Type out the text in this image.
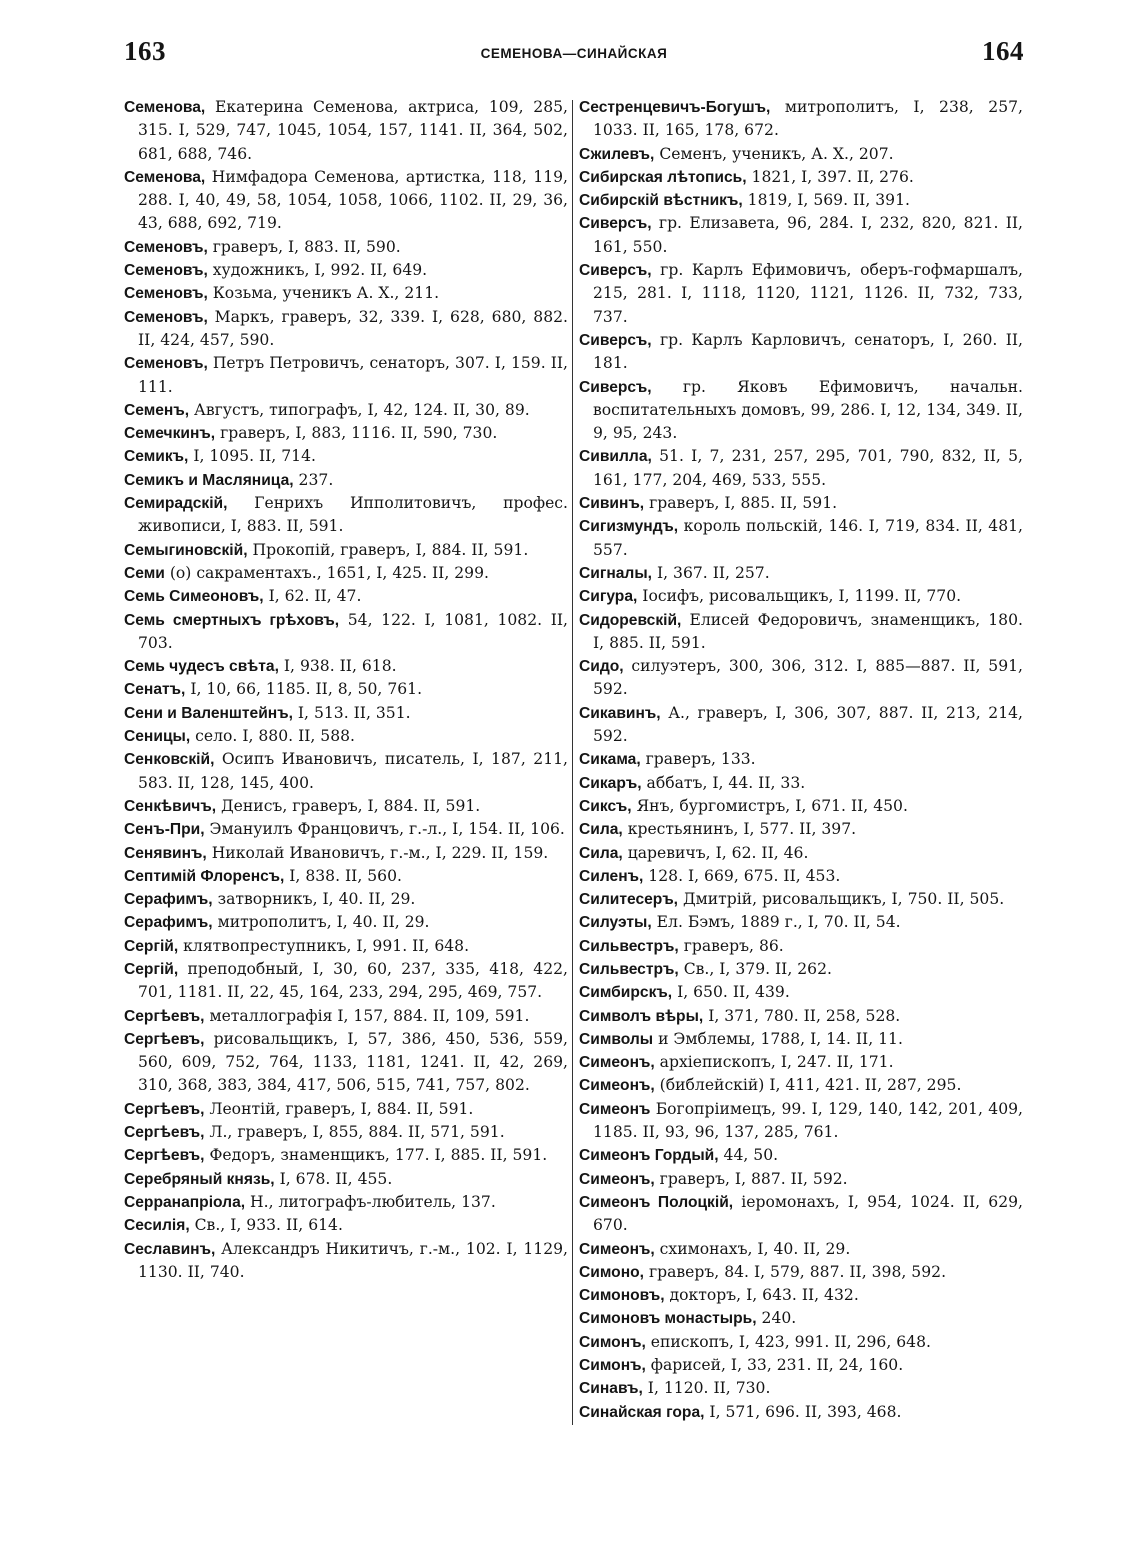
163	СЕМЕНОВА—СИНАЙСКАЯ	164

Семенова, Екатерина Семенова, актриса, 109, 285, 315. I, 529, 747, 1045, 1054, 157, 1141. II, 364, 502, 681, 688, 746.

Семенова, Нимфадора Семенова, артистка, 118, 119, 288. I, 40, 49, 58, 1054, 1058, 1066, 1102. II, 29, 36, 43, 688, 692, 719.

Семеновъ, граверъ, I, 883. II, 590.

Семеновъ, художникъ, I, 992. II, 649.

Семеновъ, Козьма, ученикъ А. Х., 211.

Семеновъ, Маркъ, граверъ, 32, 339. I, 628, 680, 882. II, 424, 457, 590.

Семеновъ, Петръ Петровичъ, сенаторъ, 307. I, 159. II, 111.

Семенъ, Августъ, типографъ, I, 42, 124. II, 30, 89.

Семечкинъ, граверъ, I, 883, 1116. II, 590, 730.

Семикъ, I, 1095. II, 714.

Семикъ и Масляница, 237.

Семирадскій, Генрихъ Ипполитовичъ, профес. живописи, I, 883. II, 591.

Семыгиновскій, Прокопій, граверъ, I, 884. II, 591.

Семи (о) сакраментахъ., 1651, I, 425. II, 299.

Семь Симеоновъ, I, 62. II, 47.

Семь смертныхъ грѣховъ, 54, 122. I, 1081, 1082. II, 703.

Семь чудесъ свѣта, I, 938. II, 618.

Сенатъ, I, 10, 66, 1185. II, 8, 50, 761.

Сени и Валенштейнъ, I, 513. II, 351.

Сеницы, село. I, 880. II, 588.

Сенковскій, Осипъ Ивановичъ, писатель, I, 187, 211, 583. II, 128, 145, 400.

Сенкѣвичъ, Денисъ, граверъ, I, 884. II, 591.

Сенъ-При, Эмануилъ Францовичъ, г.-л., I, 154. II, 106.

Сенявинъ, Николай Ивановичъ, г.-м., I, 229. II, 159.

Септимій Флоренсъ, I, 838. II, 560.

Серафимъ, затворникъ, I, 40. II, 29.

Серафимъ, митрополитъ, I, 40. II, 29.

Сергій, клятвопреступникъ, I, 991. II, 648.

Сергій, преподобный, I, 30, 60, 237, 335, 418, 422, 701, 1181. II, 22, 45, 164, 233, 294, 295, 469, 757.

Сергѣевъ, металлографія I, 157, 884. II, 109, 591.

Сергѣевъ, рисовальщикъ, I, 57, 386, 450, 536, 559, 560, 609, 752, 764, 1133, 1181, 1241. II, 42, 269, 310, 368, 383, 384, 417, 506, 515, 741, 757, 802.

Сергѣевъ, Леонтій, граверъ, I, 884. II, 591.

Сергѣевъ, Л., граверъ, I, 855, 884. II, 571, 591.

Сергѣевъ, Федоръ, знаменщикъ, 177. I, 885. II, 591.

Серебряный князь, I, 678. II, 455.

Серранапріола, Н., литографъ-любитель, 137.

Сесилія, Св., I, 933. II, 614.

Сеславинъ, Александръ Никитичъ, г.-м., 102. I, 1129, 1130. II, 740.

Сестренцевичъ-Богушъ, митрополитъ, I, 238, 257, 1033. II, 165, 178, 672.

Сжилевъ, Семенъ, ученикъ, А. Х., 207.

Сибирская лѣтопись, 1821, I, 397. II, 276.

Сибирскій вѣстникъ, 1819, I, 569. II, 391.

Сиверсъ, гр. Елизавета, 96, 284. I, 232, 820, 821. II, 161, 550.

Сиверсъ, гр. Карлъ Ефимовичъ, оберъ-гофмаршалъ, 215, 281. I, 1118, 1120, 1121, 1126. II, 732, 733, 737.

Сиверсъ, гр. Карлъ Карловичъ, сенаторъ, I, 260. II, 181.

Сиверсъ, гр. Яковъ Ефимовичъ, начальн. воспитательныхъ домовъ, 99, 286. I, 12, 134, 349. II, 9, 95, 243.

Сивилла, 51. I, 7, 231, 257, 295, 701, 790, 832, II, 5, 161, 177, 204, 469, 533, 555.

Сивинъ, граверъ, I, 885. II, 591.

Сигизмундъ, король польскій, 146. I, 719, 834. II, 481, 557.

Сигналы, I, 367. II, 257.

Сигура, Іосифъ, рисовальщикъ, I, 1199. II, 770.

Сидоревскій, Елисей Федоровичъ, знаменщикъ, 180. I, 885. II, 591.

Сидо, силуэтеръ, 300, 306, 312. I, 885—887. II, 591, 592.

Сикавинъ, А., граверъ, I, 306, 307, 887. II, 213, 214, 592.

Сикама, граверъ, 133.

Сикаръ, аббатъ, I, 44. II, 33.

Сиксъ, Янъ, бургомистръ, I, 671. II, 450.

Сила, крестьянинъ, I, 577. II, 397.

Сила, царевичъ, I, 62. II, 46.

Силенъ, 128. I, 669, 675. II, 453.

Силитесеръ, Дмитрій, рисовальщикъ, I, 750. II, 505.

Силуэты, Ел. Бэмъ, 1889 г., I, 70. II, 54.

Сильвестръ, граверъ, 86.

Сильвестръ, Св., I, 379. II, 262.

Симбирскъ, I, 650. II, 439.

Символъ вѣры, I, 371, 780. II, 258, 528.

Символы и Эмблемы, 1788, I, 14. II, 11.

Симеонъ, архіепископъ, I, 247. II, 171.

Симеонъ, (библейскій) I, 411, 421. II, 287, 295.

Симеонъ Богопріимецъ, 99. I, 129, 140, 142, 201, 409, 1185. II, 93, 96, 137, 285, 761.

Симеонъ Гордый, 44, 50.

Симеонъ, граверъ, I, 887. II, 592.

Симеонъ Полоцкій, іеромонахъ, I, 954, 1024. II, 629, 670.

Симеонъ, схимонахъ, I, 40. II, 29.

Симоно, граверъ, 84. I, 579, 887. II, 398, 592.

Симоновъ, докторъ, I, 643. II, 432.

Симоновъ монастырь, 240.

Симонъ, епископъ, I, 423, 991. II, 296, 648.

Симонъ, фарисей, I, 33, 231. II, 24, 160.

Синавъ, I, 1120. II, 730.

Синайская гора, I, 571, 696. II, 393, 468.
